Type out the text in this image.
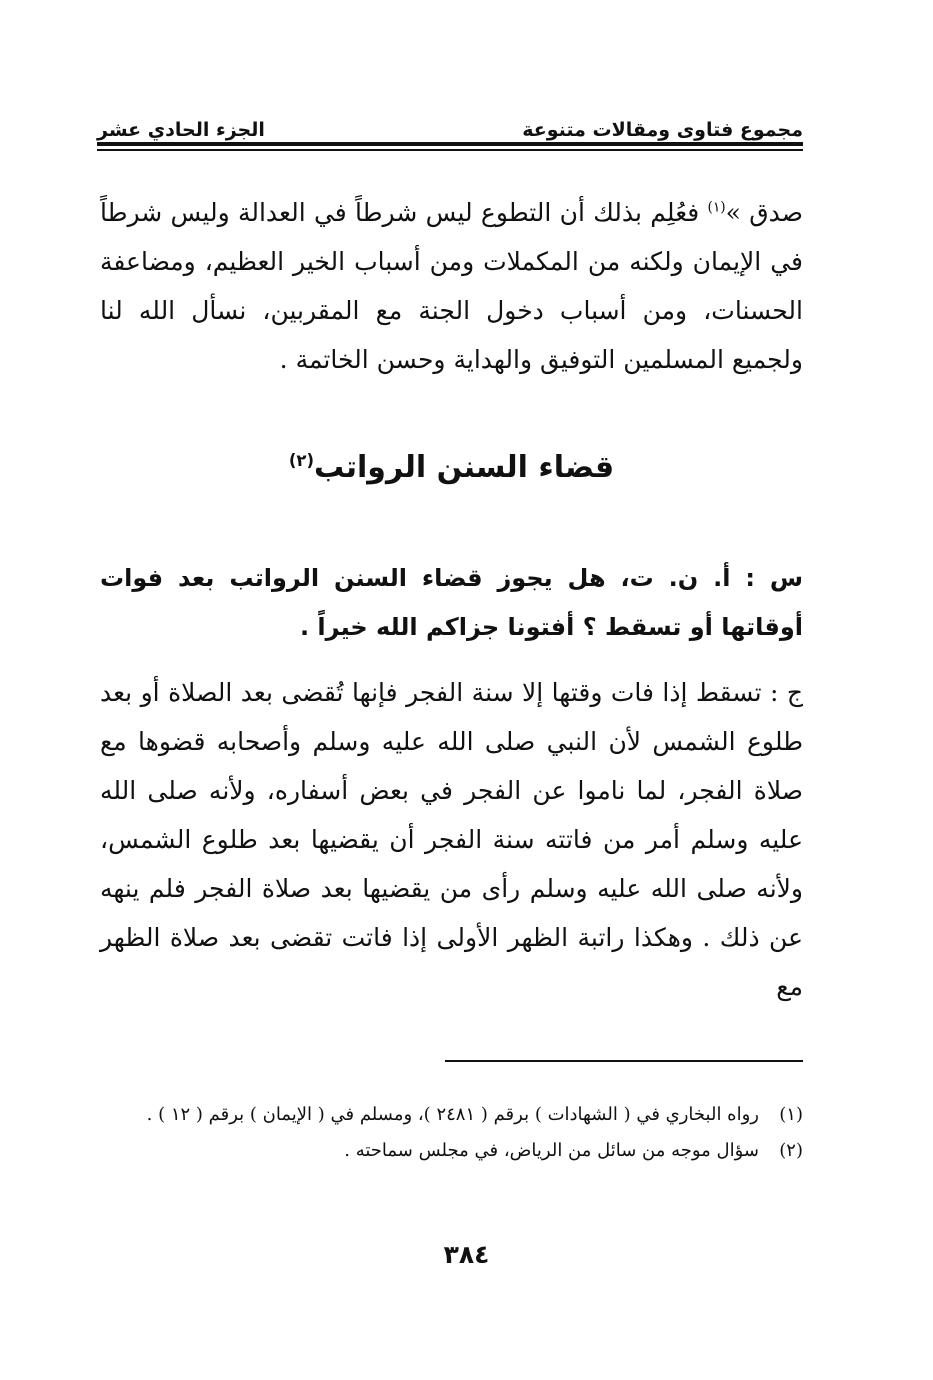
مجموع فتاوى ومقالات متنوعة
الجزء الحادي عشر
صدق »$^{(١)}$ فعُلِم بذلك أن التطوع ليس شرطاً في العدالة وليس شرطاً في الإيمان ولكنه من المكملات ومن أسباب الخير العظيم، ومضاعفة الحسنات، ومن أسباب دخول الجنة مع المقربين، نسأل الله لنا ولجميع المسلمين التوفيق والهداية وحسن الخاتمة .
قضاء السنن الرواتب$^{(٢)}$
س : أ. ن. ت، هل يجوز قضاء السنن الرواتب بعد فوات أوقاتها أو تسقط ؟ أفتونا جزاكم الله خيراً .
ج : تسقط إذا فات وقتها إلا سنة الفجر فإنها تُقضى بعد الصلاة أو بعد طلوع الشمس لأن النبي صلى الله عليه وسلم وأصحابه قضوها مع صلاة الفجر، لما ناموا عن الفجر في بعض أسفاره، ولأنه صلى الله عليه وسلم أمر من فاتته سنة الفجر أن يقضيها بعد طلوع الشمس، ولأنه صلى الله عليه وسلم رأى من يقضيها بعد صلاة الفجر فلم ينهه عن ذلك . وهكذا راتبة الظهر الأولى إذا فاتت تقضى بعد صلاة الظهر مع
(١)
رواه البخاري في ( الشهادات ) برقم ( ٢٤٨١ )، ومسلم في ( الإيمان ) برقم ( ١٢ ) .
(٢)
سؤال موجه من سائل من الرياض، في مجلس سماحته .
٣٨٤
